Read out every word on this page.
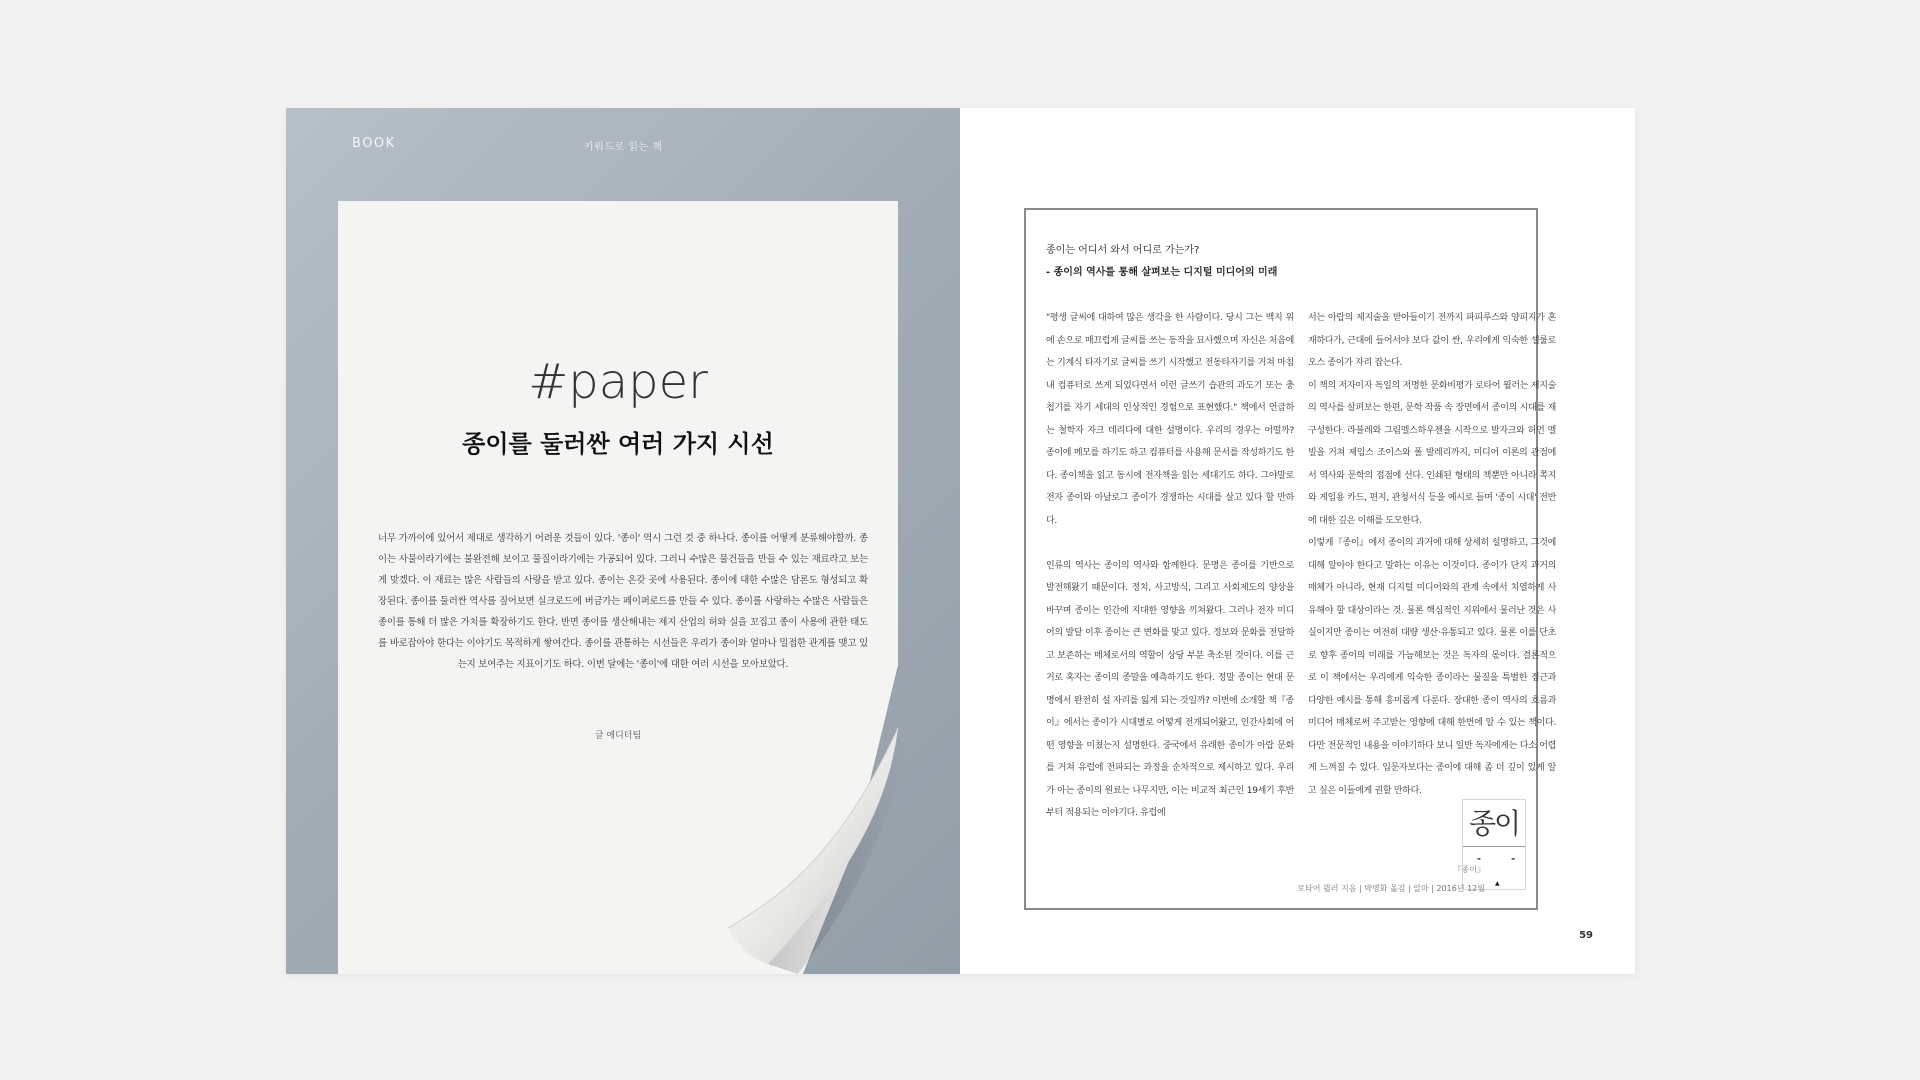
BOOK	키워드로 읽는 책
#paper
종이를 둘러싼 여러 가지 시선
너무 가까이에 있어서 제대로 생각하기 어려운 것들이 있다. '종이' 역시 그런 것 중 하나다. 종이를 어떻게 분류해야할까. 종이는 사물이라기에는 불완전해 보이고 물질이라기에는 가공되어 있다. 그러니 수많은 물건들을 만들 수 있는 재료라고 보는 게 맞겠다. 이 재료는 많은 사람들의 사랑을 받고 있다. 종이는 온갖 곳에 사용된다. 종이에 대한 수많은 담론도 형성되고 확장된다. 종이를 둘러싼 역사를 짚어보면 실크로드에 버금가는 페이퍼로드를 만들 수 있다. 종이를 사랑하는 수많은 사람들은 종이를 통해 더 많은 가치를 확장하기도 한다. 반면 종이를 생산해내는 제지 산업의 허와 실을 꼬집고 종이 사용에 관한 태도를 바로잡아야 한다는 이야기도 목적하게 쌓여간다. 종이를 관통하는 시선들은 우리가 종이와 얼마나 밀접한 관계를 맺고 있는지 보여주는 지표이기도 하다. 이번 달에는 '종이'에 대한 여러 시선을 모아보았다.
글 에디터팀
종이는 어디서 와서 어디로 가는가?
- 종이의 역사를 통해 살펴보는 디지털 미디어의 미래

"평생 글씨에 대하여 많은 생각을 한 사람이다. 당시 그는 백지 위에 손으로 매끄럽게 글씨를 쓰는 동작을 묘사했으며 자신은 처음에는 기계식 타자기로 글씨를 쓰기 시작했고 전동타자기를 거쳐 마침내 컴퓨터로 쓰게 되었다면서 이런 글쓰기 습관의 과도기 또는 충첩기를 자기 세대의 인상적인 경험으로 표현했다." 책에서 언급하는 철학자 자크 데리다에 대한 설명이다. 우리의 경우는 어떨까? 종이에 메모를 하기도 하고 컴퓨터를 사용해 문서를 작성하기도 한다. 종이책을 읽고 동시에 전자책을 읽는 세대기도 하다. 그야말로 전자 종이와 아날로그 종이가 경쟁하는 시대를 살고 있다 할 만하다.

인류의 역사는 종이의 역사와 함께한다. 문명은 종이를 기반으로 발전해왔기 때문이다. 정치, 사고방식, 그리고 사회제도의 양상을 바꾸며 종이는 인간에 지대한 영향을 끼쳐왔다. 그러나 전자 미디어의 발달 이후 종이는 큰 변화를 맞고 있다. 정보와 문화를 전달하고 보존하는 매체로서의 역할이 상당 부분 축소된 것이다. 이를 근거로 혹자는 종이의 종말을 예측하기도 한다. 정말 종이는 현대 문명에서 완전히 설 자리를 잃게 되는 것일까? 이번에 소개할 책『종이』에서는 종이가 시대별로 어떻게 전개되어왔고, 인간사회에 어떤 영향을 미쳤는지 설명한다. 중국에서 유래한 종이가 아랍 문화를 거쳐 유럽에 전파되는 과정을 순차적으로 제시하고 있다. 우리가 아는 종이의 원료는 나무지만, 이는 비교적 최근인 19세기 후반부터 적용되는 이야기다. 유럽에

서는 아랍의 제지술을 받아들이기 전까지 파피루스와 양피지가 혼재하다가, 근대에 들어서야 보다 값이 싼, 우리에게 익숙한 셀룰로오스 종이가 자리 잡는다.

이 책의 저자이자 독일의 저명한 문화비평가 로타어 뮐러는 제지술의 역사를 살펴보는 한편, 문학 작품 속 장면에서 종이의 시대를 재구성한다. 라블레와 그림멜스하우젠을 시작으로 발자크와 허먼 멜빌을 거쳐 제임스 조이스와 폴 발레리까지, 미디어 이론의 관점에서 역사와 문학의 접점에 선다. 인쇄된 형태의 책뿐만 아니라 쪽지와 게임용 카드, 편지, 관청서식 등을 예시로 들며 '종이 시대' 전반에 대한 깊은 이해를 도모한다.

이렇게『종이』에서 종이의 과거에 대해 상세히 설명하고, 그것에 대해 알아야 한다고 말하는 이유는 이것이다. 종이가 단지 과거의 매체가 아니라, 현재 디지털 미디어와의 관계 속에서 치열하게 사유해야 할 대상이라는 것. 물론 핵심적인 지위에서 물러난 것은 사실이지만 종이는 여전히 대량 생산·유통되고 있다. 물론 이를 단초로 향후 종이의 미래를 가늠해보는 것은 독자의 몫이다. 결론적으로 이 책에서는 우리에게 익숙한 종이라는 물질을 특별한 접근과 다양한 예시를 통해 흥미롭게 다룬다. 장대한 종이 역사의 흐름과 미디어 매체로써 주고받는 영향에 대해 한번에 알 수 있는 책이다. 다만 전문적인 내용을 이야기하다 보니 일반 독자에게는 다소 어렵게 느껴질 수 있다. 입문자보다는 종이에 대해 좀 더 깊이 있게 알고 싶은 이들에게 권할 만하다.

종이
▬	▬
▲
『종이』
로타어 뮐러 지음 | 박병화 옮김 | 알마 | 2016년 12월
59
